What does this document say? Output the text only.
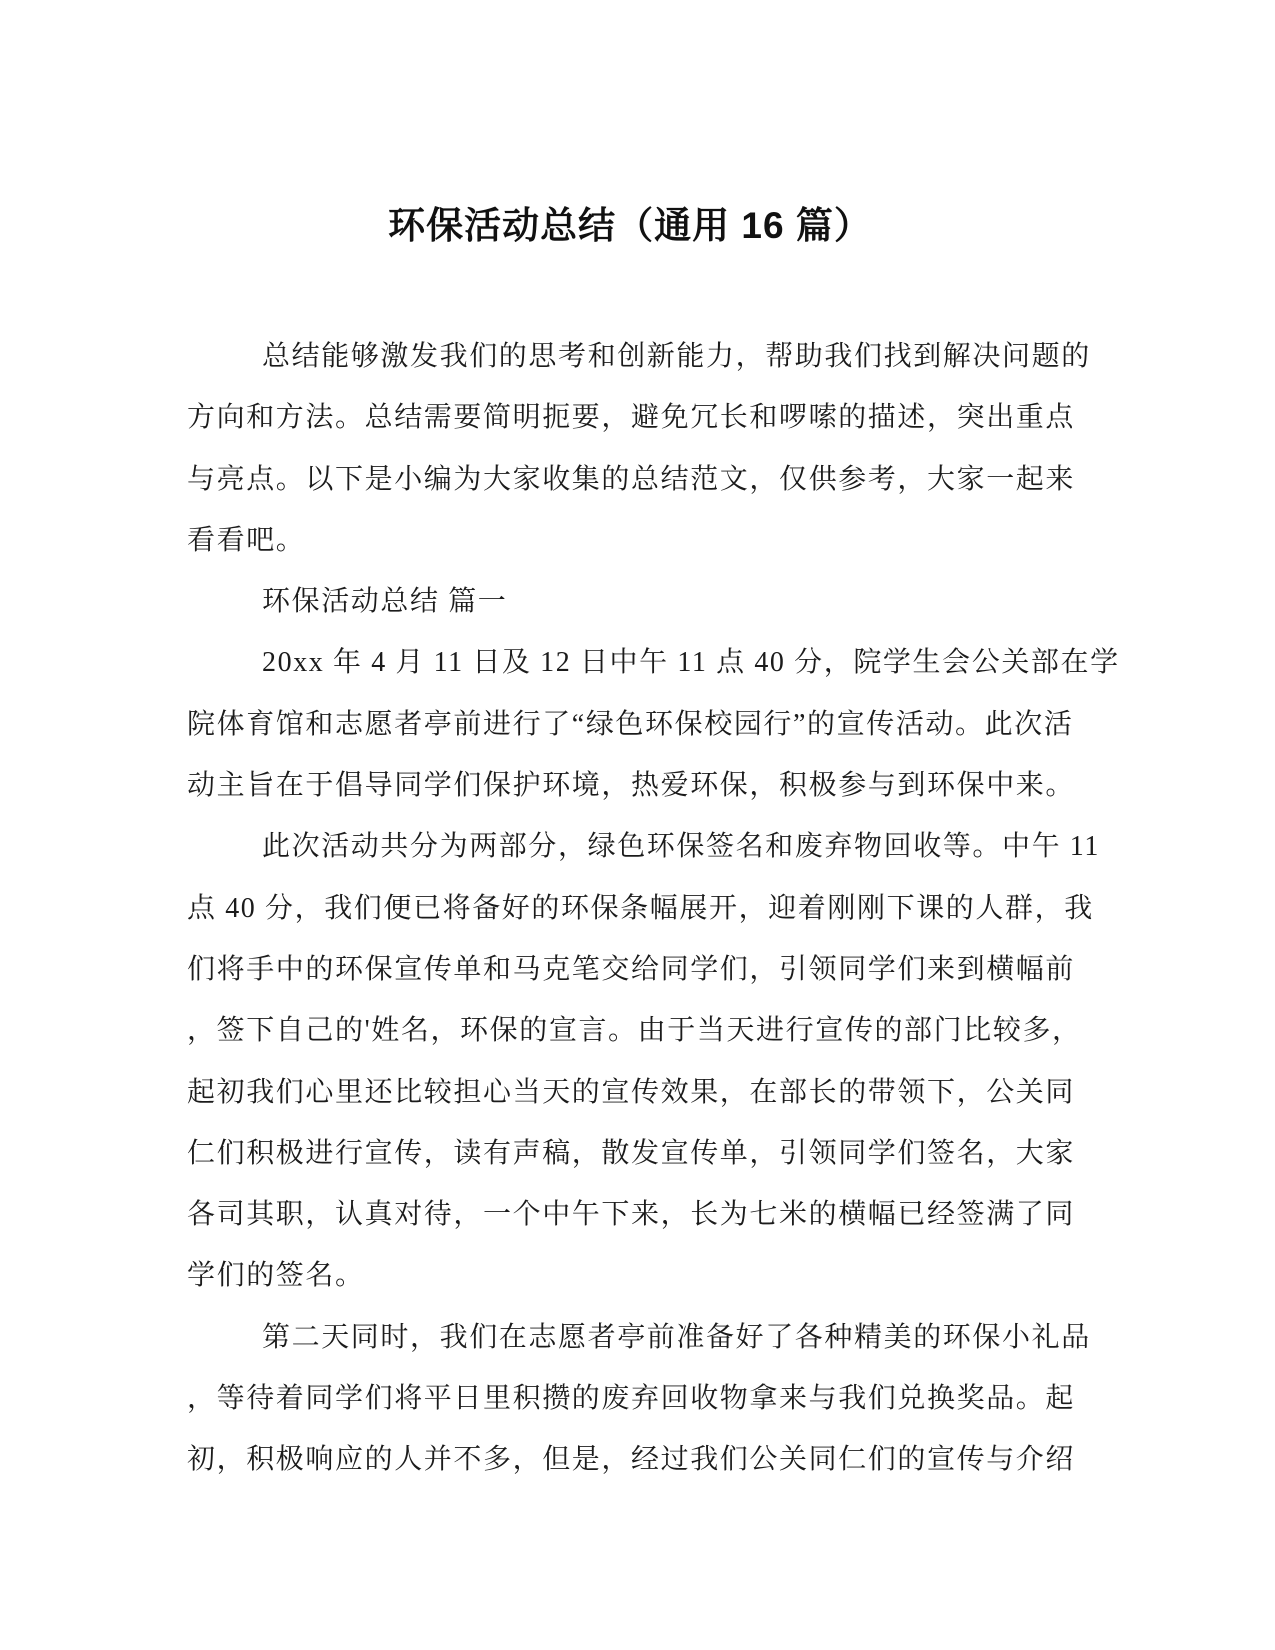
环保活动总结（通用 16 篇）
总结能够激发我们的思考和创新能力，帮助我们找到解决问题的
方向和方法。总结需要简明扼要，避免冗长和啰嗦的描述，突出重点
与亮点。以下是小编为大家收集的总结范文，仅供参考，大家一起来
看看吧。
环保活动总结 篇一
20xx 年 4 月 11 日及 12 日中午 11 点 40 分，院学生会公关部在学
院体育馆和志愿者亭前进行了“绿色环保校园行”的宣传活动。此次活
动主旨在于倡导同学们保护环境，热爱环保，积极参与到环保中来。
此次活动共分为两部分，绿色环保签名和废弃物回收等。中午 11
点 40 分，我们便已将备好的环保条幅展开，迎着刚刚下课的人群，我
们将手中的环保宣传单和马克笔交给同学们，引领同学们来到横幅前
，签下自己的'姓名，环保的宣言。由于当天进行宣传的部门比较多，
起初我们心里还比较担心当天的宣传效果，在部长的带领下，公关同
仁们积极进行宣传，读有声稿，散发宣传单，引领同学们签名，大家
各司其职，认真对待，一个中午下来，长为七米的横幅已经签满了同
学们的签名。
第二天同时，我们在志愿者亭前准备好了各种精美的环保小礼品
，等待着同学们将平日里积攒的废弃回收物拿来与我们兑换奖品。起
初，积极响应的人并不多，但是，经过我们公关同仁们的宣传与介绍
